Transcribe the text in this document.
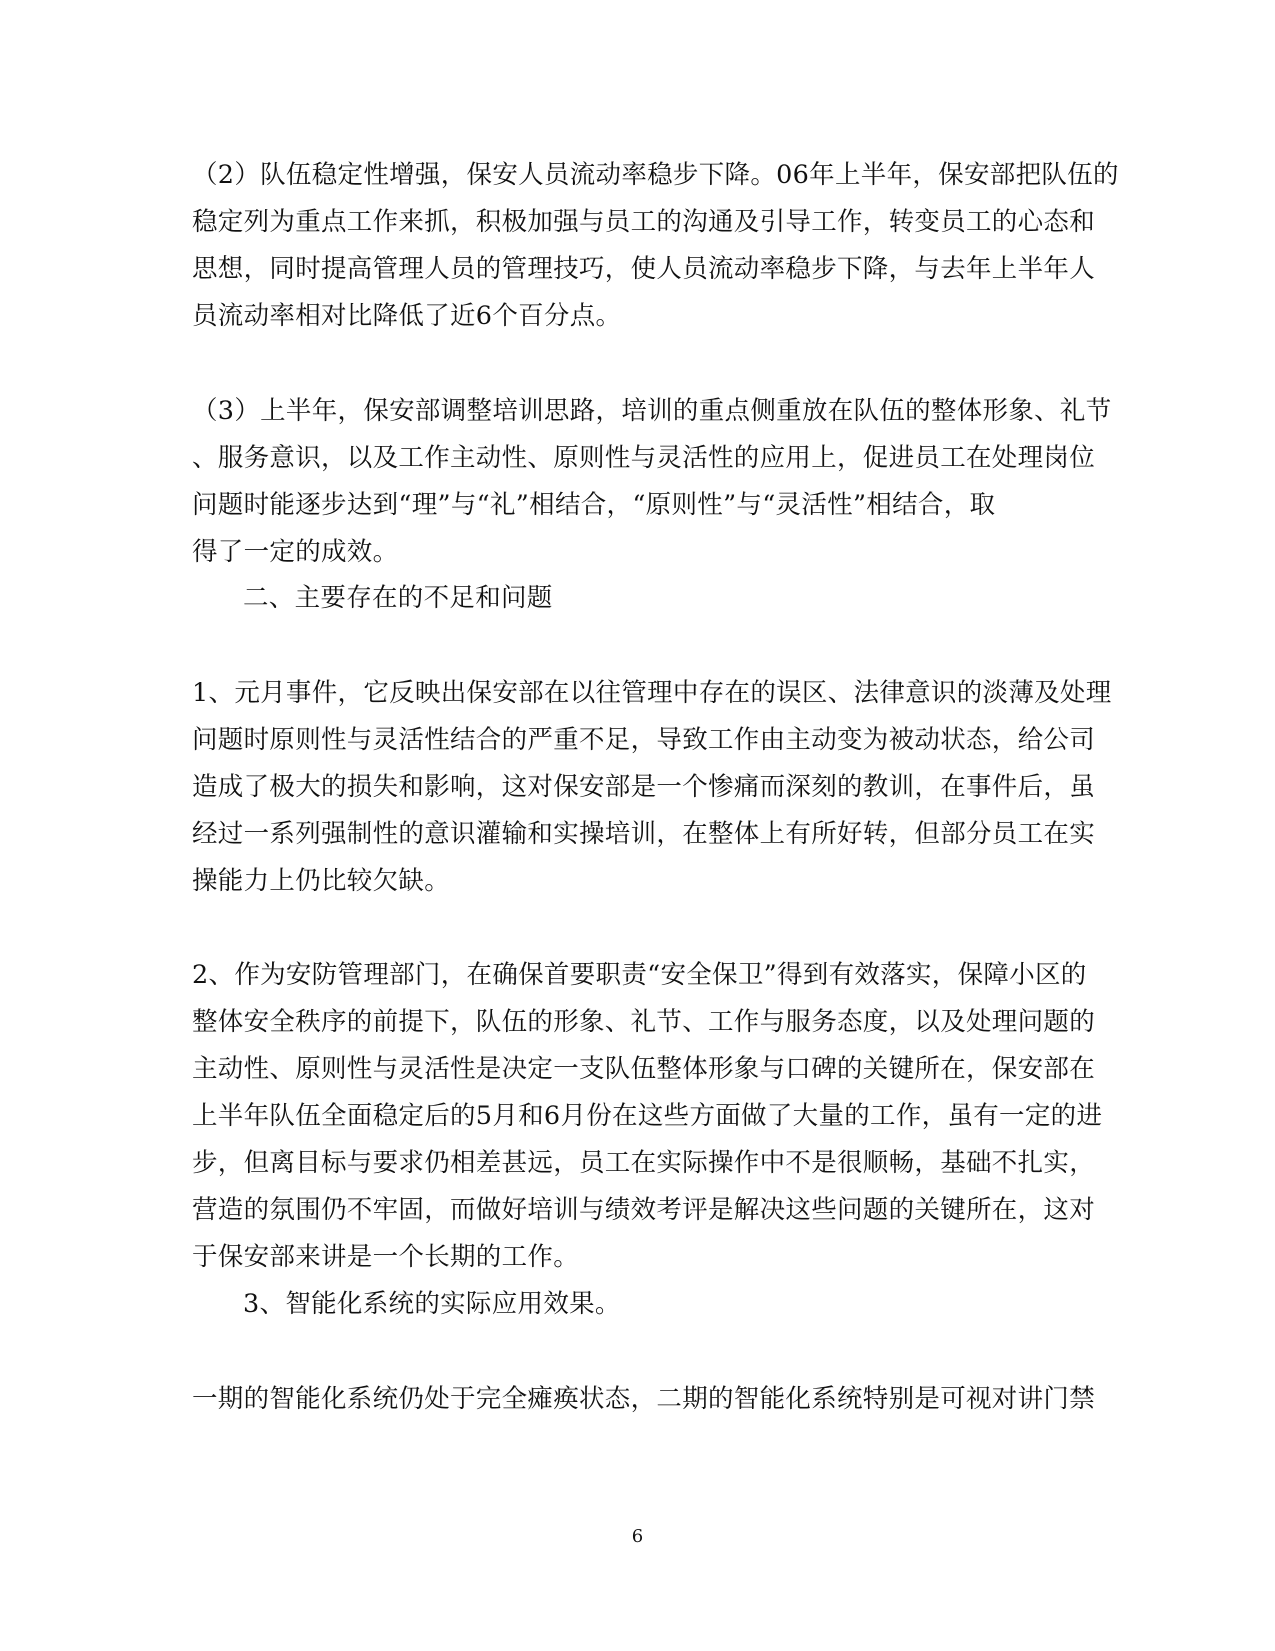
（2）队伍稳定性增强，保安人员流动率稳步下降。06年上半年，保安部把队伍的
稳定列为重点工作来抓，积极加强与员工的沟通及引导工作，转变员工的心态和
思想，同时提高管理人员的管理技巧，使人员流动率稳步下降，与去年上半年人
员流动率相对比降低了近6个百分点。
（3）上半年，保安部调整培训思路，培训的重点侧重放在队伍的整体形象、礼节
、服务意识，以及工作主动性、原则性与灵活性的应用上，促进员工在处理岗位
问题时能逐步达到“理”与“礼”相结合，“原则性”与“灵活性”相结合，取
得了一定的成效。
二、主要存在的不足和问题
1、元月事件，它反映出保安部在以往管理中存在的误区、法律意识的淡薄及处理
问题时原则性与灵活性结合的严重不足，导致工作由主动变为被动状态，给公司
造成了极大的损失和影响，这对保安部是一个惨痛而深刻的教训，在事件后，虽
经过一系列强制性的意识灌输和实操培训，在整体上有所好转，但部分员工在实
操能力上仍比较欠缺。
2、作为安防管理部门，在确保首要职责“安全保卫”得到有效落实，保障小区的
整体安全秩序的前提下，队伍的形象、礼节、工作与服务态度，以及处理问题的
主动性、原则性与灵活性是决定一支队伍整体形象与口碑的关键所在，保安部在
上半年队伍全面稳定后的5月和6月份在这些方面做了大量的工作，虽有一定的进
步，但离目标与要求仍相差甚远，员工在实际操作中不是很顺畅，基础不扎实，
营造的氛围仍不牢固，而做好培训与绩效考评是解决这些问题的关键所在，这对
于保安部来讲是一个长期的工作。
3、智能化系统的实际应用效果。
一期的智能化系统仍处于完全瘫痪状态，二期的智能化系统特别是可视对讲门禁
6
